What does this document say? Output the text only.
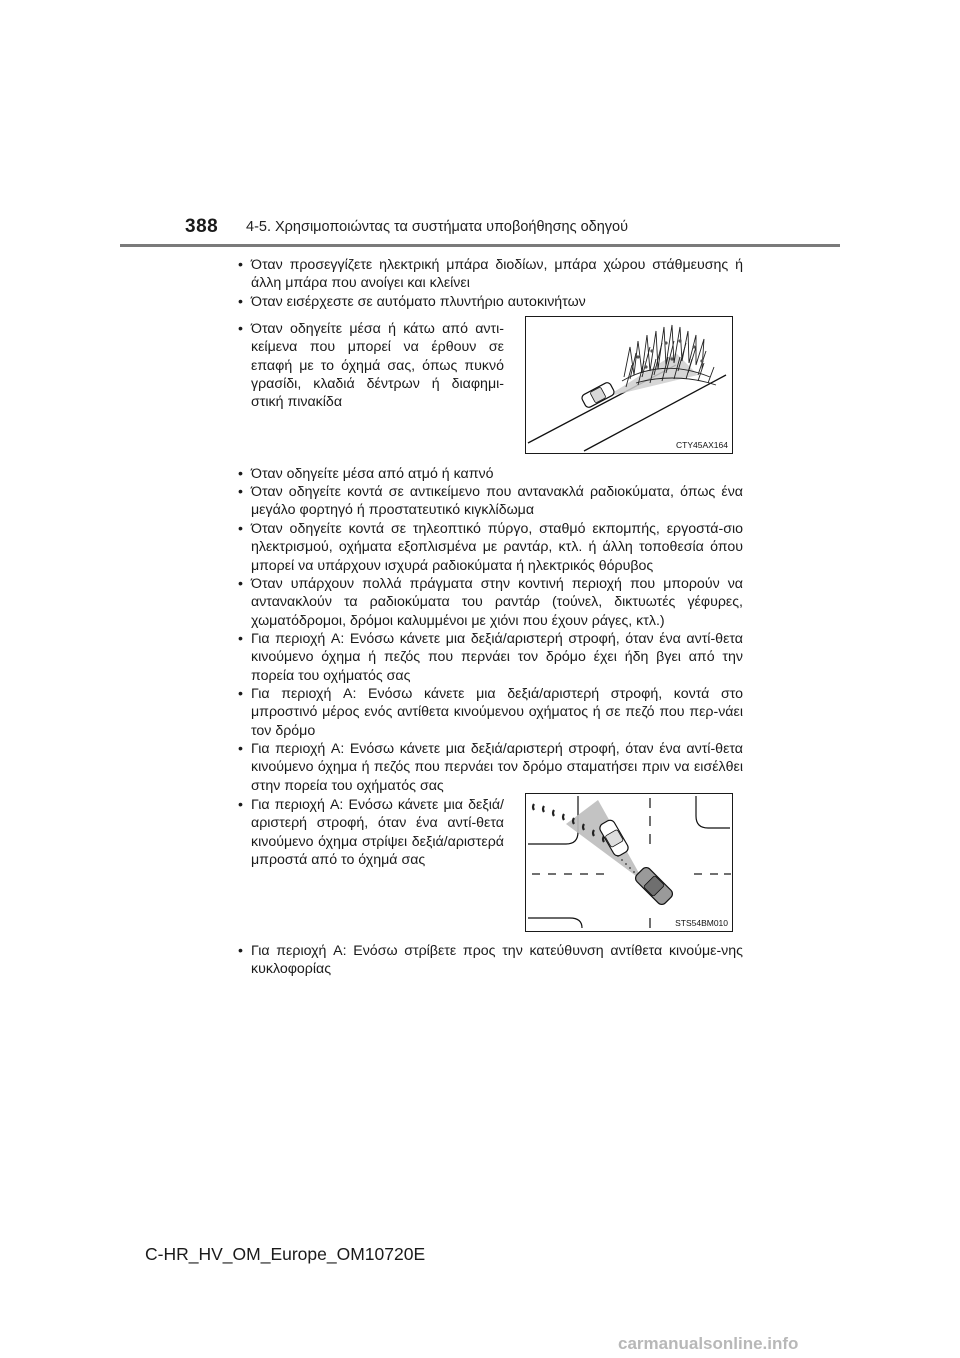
388 4-5. Χρησιμοποιώντας τα συστήματα υποβοήθησης οδηγού
• Όταν προσεγγίζετε ηλεκτρική μπάρα διοδίων, μπάρα χώρου στάθμευσης ή άλλη μπάρα που ανοίγει και κλείνει
• Όταν εισέρχεστε σε αυτόματο πλυντήριο αυτοκινήτων
• Όταν οδηγείτε μέσα ή κάτω από αντι-κείμενα που μπορεί να έρθουν σε επαφή με το όχημά σας, όπως πυκνό γρασίδι, κλαδιά δέντρων ή διαφημι-στική πινακίδα
CTY45AX164
• Όταν οδηγείτε μέσα από ατμό ή καπνό
• Όταν οδηγείτε κοντά σε αντικείμενο που αντανακλά ραδιοκύματα, όπως ένα μεγάλο φορτηγό ή προστατευτικό κιγκλίδωμα
• Όταν οδηγείτε κοντά σε τηλεοπτικό πύργο, σταθμό εκπομπής, εργοστά-σιο ηλεκτρισμού, οχήματα εξοπλισμένα με ραντάρ, κτλ. ή άλλη τοποθεσία όπου μπορεί να υπάρχουν ισχυρά ραδιοκύματα ή ηλεκτρικός θόρυβος
• Όταν υπάρχουν πολλά πράγματα στην κοντινή περιοχή που μπορούν να αντανακλούν τα ραδιοκύματα του ραντάρ (τούνελ, δικτυωτές γέφυρες, χωματόδρομοι, δρόμοι καλυμμένοι με χιόνι που έχουν ράγες, κτλ.)
• Για περιοχή A: Ενόσω κάνετε μια δεξιά/αριστερή στροφή, όταν ένα αντί-θετα κινούμενο όχημα ή πεζός που περνάει τον δρόμο έχει ήδη βγει από την πορεία του οχήματός σας
• Για περιοχή A: Ενόσω κάνετε μια δεξιά/αριστερή στροφή, κοντά στο μπροστινό μέρος ενός αντίθετα κινούμενου οχήματος ή σε πεζό που περ-νάει τον δρόμο
• Για περιοχή A: Ενόσω κάνετε μια δεξιά/αριστερή στροφή, όταν ένα αντί-θετα κινούμενο όχημα ή πεζός που περνάει τον δρόμο σταματήσει πριν να εισέλθει στην πορεία του οχήματός σας
• Για περιοχή A: Ενόσω κάνετε μια δεξιά/αριστερή στροφή, όταν ένα αντί-θετα κινούμενο όχημα στρίψει δεξιά/αριστερά μπροστά από το όχημά σας
STS54BM010
• Για περιοχή A: Ενόσω στρίβετε προς την κατεύθυνση αντίθετα κινούμε-νης κυκλοφορίας
C-HR_HV_OM_Europe_OM10720E
carmanualsonline.info
